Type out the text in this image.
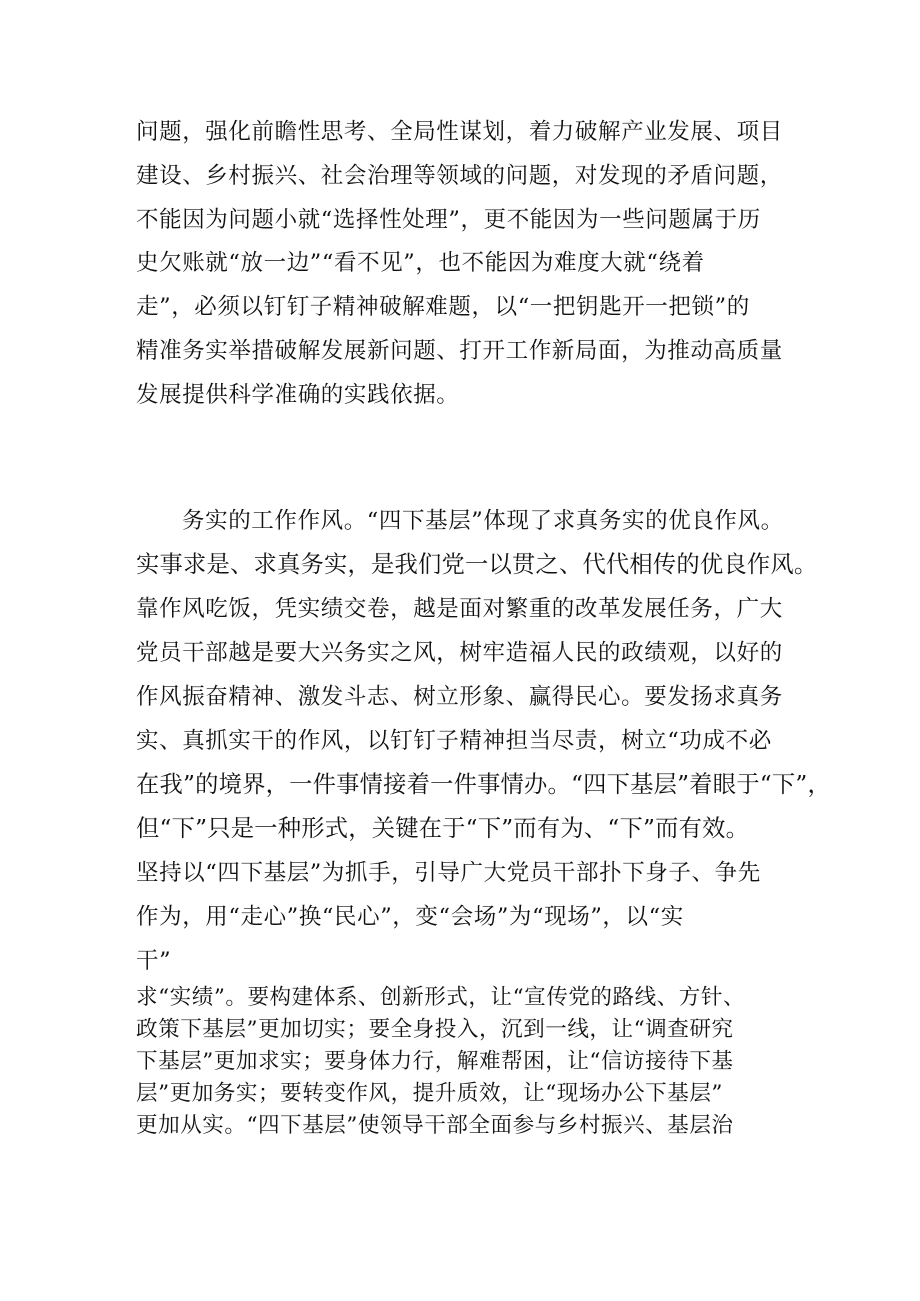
问题，强化前瞻性思考、全局性谋划，着力破解产业发展、项目
建设、乡村振兴、社会治理等领域的问题，对发现的矛盾问题，
不能因为问题小就“选择性处理”，更不能因为一些问题属于历
史欠账就“放一边”“看不见”，也不能因为难度大就“绕着
走”，必须以钉钉子精神破解难题，以“一把钥匙开一把锁”的
精准务实举措破解发展新问题、打开工作新局面，为推动高质量
发展提供科学准确的实践依据。
务实的工作作风。“四下基层”体现了求真务实的优良作风。
实事求是、求真务实，是我们党一以贯之、代代相传的优良作风。
靠作风吃饭，凭实绩交卷，越是面对繁重的改革发展任务，广大
党员干部越是要大兴务实之风，树牢造福人民的政绩观，以好的
作风振奋精神、激发斗志、树立形象、赢得民心。要发扬求真务
实、真抓实干的作风，以钉钉子精神担当尽责，树立“功成不必
在我”的境界，一件事情接着一件事情办。“四下基层”着眼于“下”，
但“下”只是一种形式，关键在于“下”而有为、“下”而有效。
坚持以“四下基层”为抓手，引导广大党员干部扑下身子、争先
作为，用“走心”换“民心”，变“会场”为“现场”，以“实
干”
求“实绩”。要构建体系、创新形式，让“宣传党的路线、方针、
政策下基层”更加切实；要全身投入，沉到一线，让“调查研究
下基层”更加求实；要身体力行，解难帮困，让“信访接待下基
层”更加务实；要转变作风，提升质效，让“现场办公下基层”
更加从实。“四下基层”使领导干部全面参与乡村振兴、基层治
